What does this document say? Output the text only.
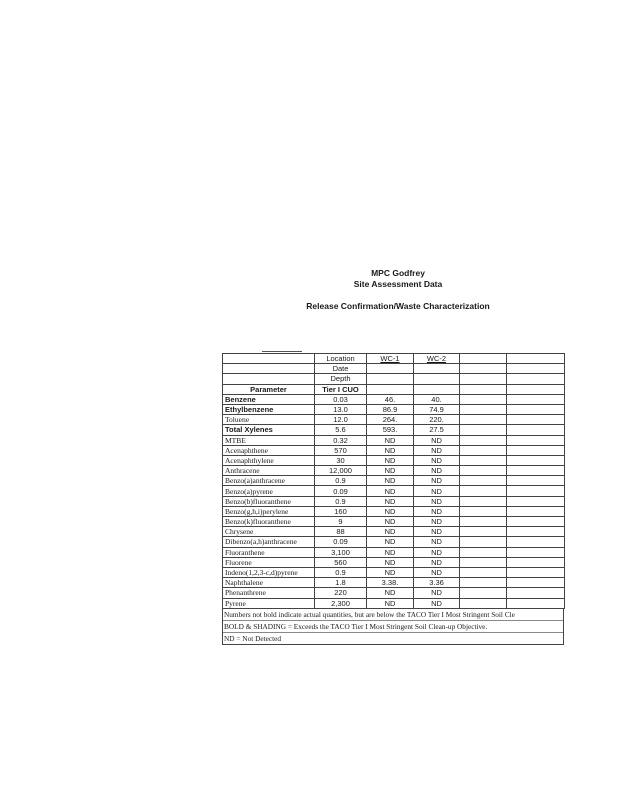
MPC Godfrey
Site Assessment Data
Release Confirmation/Waste Characterization
	Location	WC-1	WC-2		
	Date				
	Depth				
Parameter	Tier I CUO				
Benzene	0.03	46.	40.		
Ethylbenzene	13.0	86.9	74.9		
Toluene	12.0	264.	220.		
Total Xylenes	5.6	593.	27.5		
MTBE	0.32	ND	ND		
Acenaphthene	570	ND	ND		
Acenaphthylene	30	ND	ND		
Anthracene	12,000	ND	ND		
Benzo(a)anthracene	0.9	ND	ND		
Benzo(a)pyrene	0.09	ND	ND		
Benzo(b)fluoranthene	0.9	ND	ND		
Benzo(g,h,i)perylene	160	ND	ND		
Benzo(k)fluoranthene	9	ND	ND		
Chrysene	88	ND	ND		
Dibenzo(a,h)anthracene	0.09	ND	ND		
Fluoranthene	3,100	ND	ND		
Fluorene	560	ND	ND		
Indeno(1,2,3-c,d)pyrene	0.9	ND	ND		
Naphthalene	1.8	3.38.	3.36		
Phenanthrene	220	ND	ND		
Pyrene	2,300	ND	ND		
Numbers not bold indicate actual quantities, but are below the TACO Tier I Most Stringent Soil Cle
BOLD & SHADING = Exceeds the TACO Tier I Most Stringent Soil Clean-up Objective.
ND = Not Detected
